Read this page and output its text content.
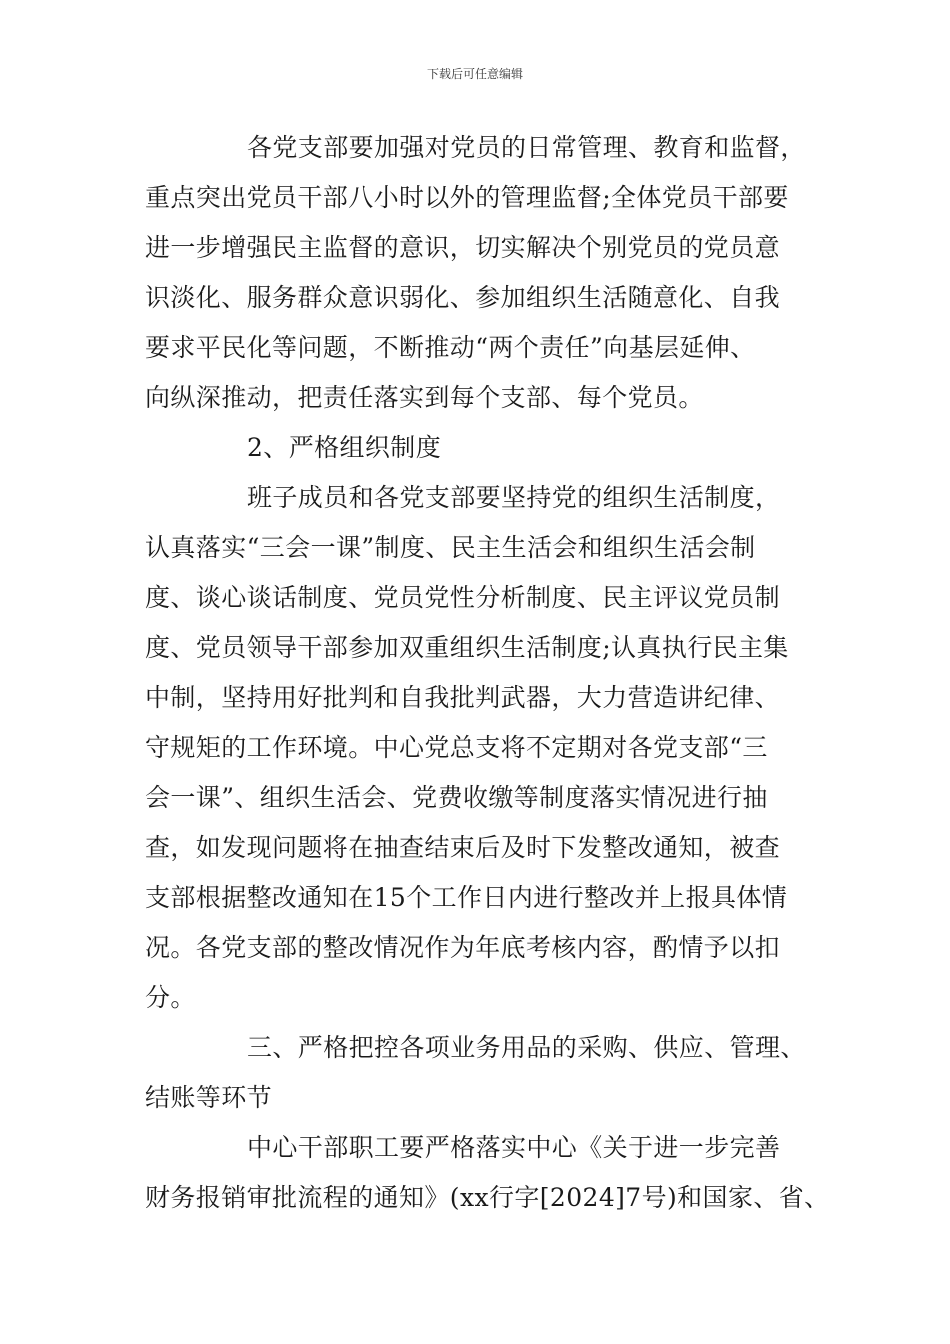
下载后可任意编辑
各党支部要加强对党员的日常管理、教育和监督，
重点突出党员干部八小时以外的管理监督;全体党员干部要
进一步增强民主监督的意识，切实解决个别党员的党员意
识淡化、服务群众意识弱化、参加组织生活随意化、自我
要求平民化等问题，不断推动“两个责任”向基层延伸、
向纵深推动，把责任落实到每个支部、每个党员。
2、严格组织制度
班子成员和各党支部要坚持党的组织生活制度，
认真落实“三会一课”制度、民主生活会和组织生活会制
度、谈心谈话制度、党员党性分析制度、民主评议党员制
度、党员领导干部参加双重组织生活制度;认真执行民主集
中制，坚持用好批判和自我批判武器，大力营造讲纪律、
守规矩的工作环境。中心党总支将不定期对各党支部“三
会一课”、组织生活会、党费收缴等制度落实情况进行抽
查，如发现问题将在抽查结束后及时下发整改通知，被查
支部根据整改通知在15个工作日内进行整改并上报具体情
况。各党支部的整改情况作为年底考核内容，酌情予以扣
分。
三、严格把控各项业务用品的采购、供应、管理、
结账等环节
中心干部职工要严格落实中心《关于进一步完善
财务报销审批流程的通知》(xx行字[2024]7号)和国家、省、
